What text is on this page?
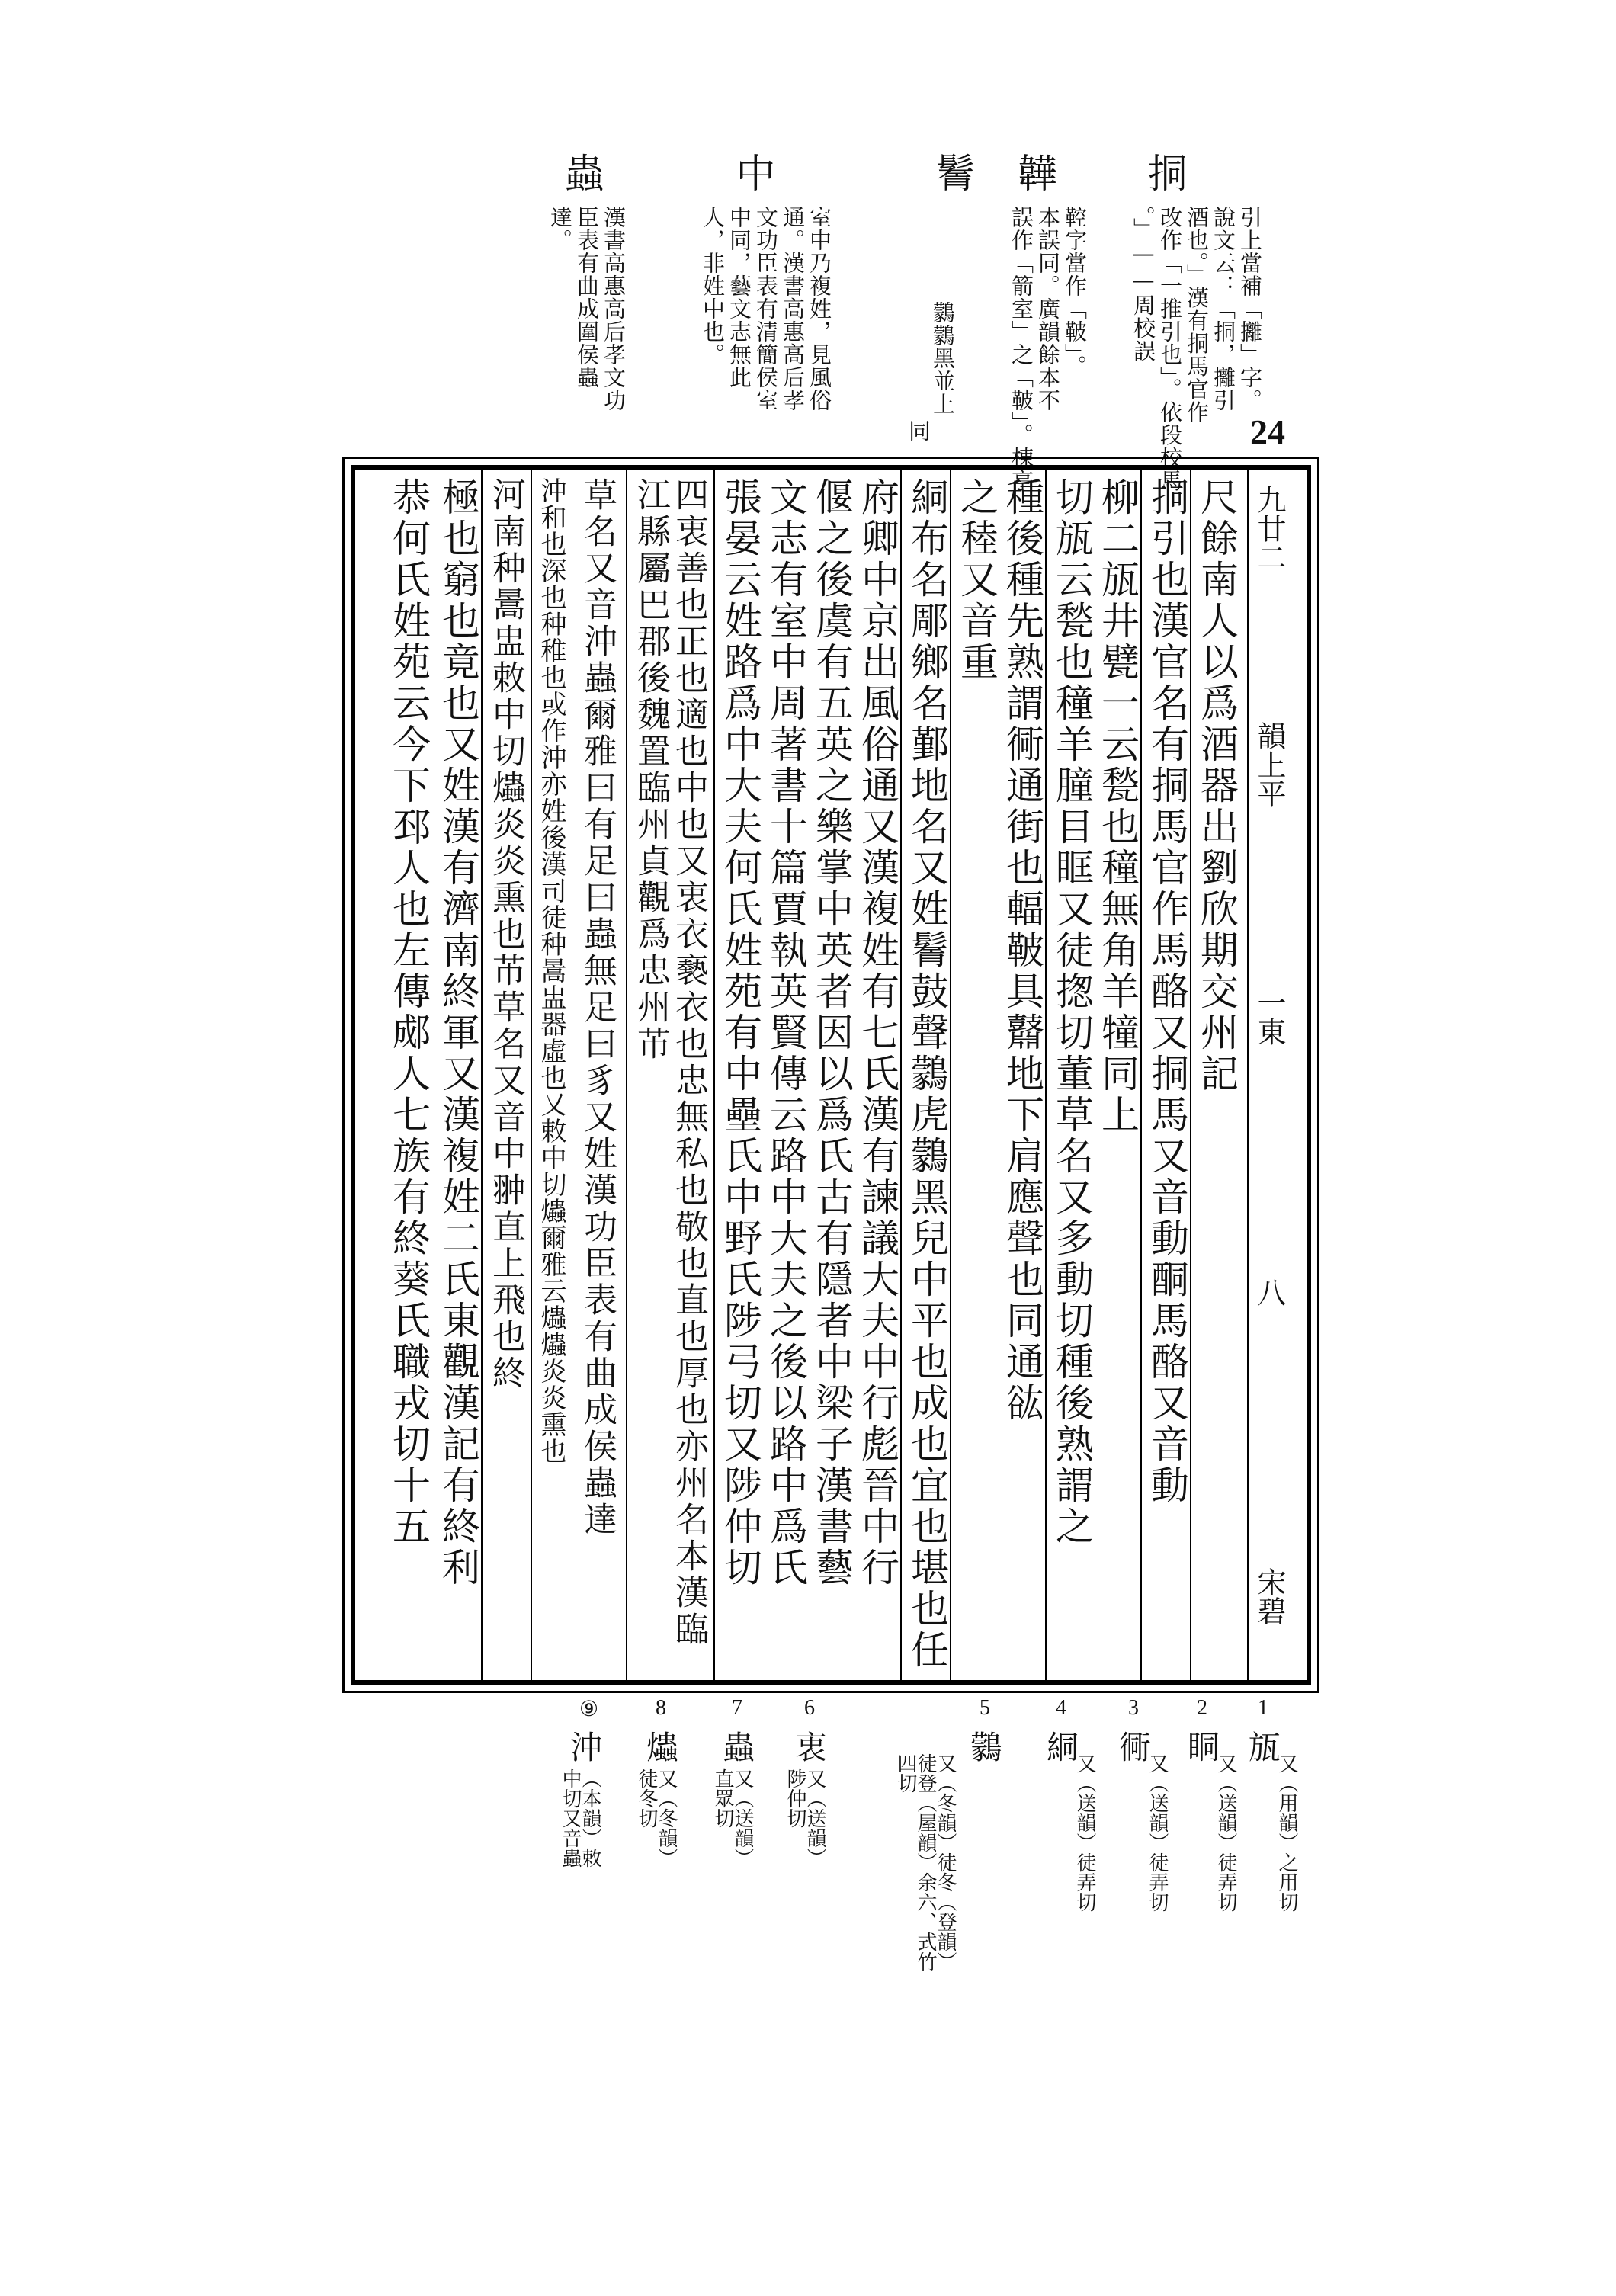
24
挏
引上當補「攡」字。
說文云：「挏，攡引
酒也。」漢有挏馬官作
改作「一推引也」。依段校馬
。」——周校誤
韡
鞚字當作「鞁」。
本誤同。廣韻餘本不
誤作「箭室」之「鞁」。棟亭
鬌
鸏鸏黑並上
同
中
室中乃複姓，見風俗
通。漢書高惠高后孝
文功臣表有清簡侯室
中同，藝文志無此
人，非姓中也。
蟲
漢書高惠高后孝文功
臣表有曲成圍侯蟲
達。
九廿二
韻上平
一東
八
宋碧
尺餘南人以爲酒器出劉欣期交州記
挏引也漢官名有挏馬官作馬酪又挏馬又音動酮馬酪又音動
柳二瓬井甓一云甃也穜無角羊犝同上
切瓬云甃也穜羊朣目眶又徒揔切董草名又多動切種後熟謂之
種後種先熟謂衕通街也輻鞁具鼘地下肩應聲也同通谹
之稑又音重
絧布名郮鄉名鄞地名又姓鬌鼓聲鸏虎鸏黑兒中平也成也宜也堪也任
府卿中京出風俗通又漢複姓有七氏漢有諫議大夫中行彪晉中行
偃之後虞有五英之樂掌中英者因以爲氏古有隱者中梁子漢書藝
文志有室中周著書十篇賈執英賢傳云路中大夫之後以路中爲氏
張晏云姓路爲中大夫何氏姓苑有中壘氏中野氏陟弓切又陟仲切
四衷善也正也適也中也又衷衣褻衣也忠無私也敬也直也厚也亦州名本漢臨
江縣屬巴郡後魏置臨州貞觀爲忠州芇
草名又音沖蟲爾雅曰有足曰蟲無足曰豸又姓漢功臣表有曲成侯蟲達
沖和也深也种稚也或作沖亦姓後漢司徒种暠盅器虛也又敕中切爞爾雅云爞爞炎炎熏也
河南种暠盅敕中切爞炎炎熏也芇草名又音中翀直上飛也終
極也窮也竟也又姓漢有濟南終軍又漢複姓二氏東觀漢記有終利
恭何氏姓苑云今下邳人也左傳郕人七族有終葵氏職戎切十五
1
瓬
又（用韻）之用切
2
眮
又（送韻）徒弄切
3
衕
又（送韻）徒弄切
4
絧
又（送韻）徒弄切
5
鸏
又（冬韻）徒冬（登韻）徒登（屋韻）余六、式竹四切
6
衷
又（送韻）陟仲切
7
蟲
又（送韻）直眾切
8
爞
又（冬韻）徒冬切
⑨
沖
（本韻）敕中切又音蟲
